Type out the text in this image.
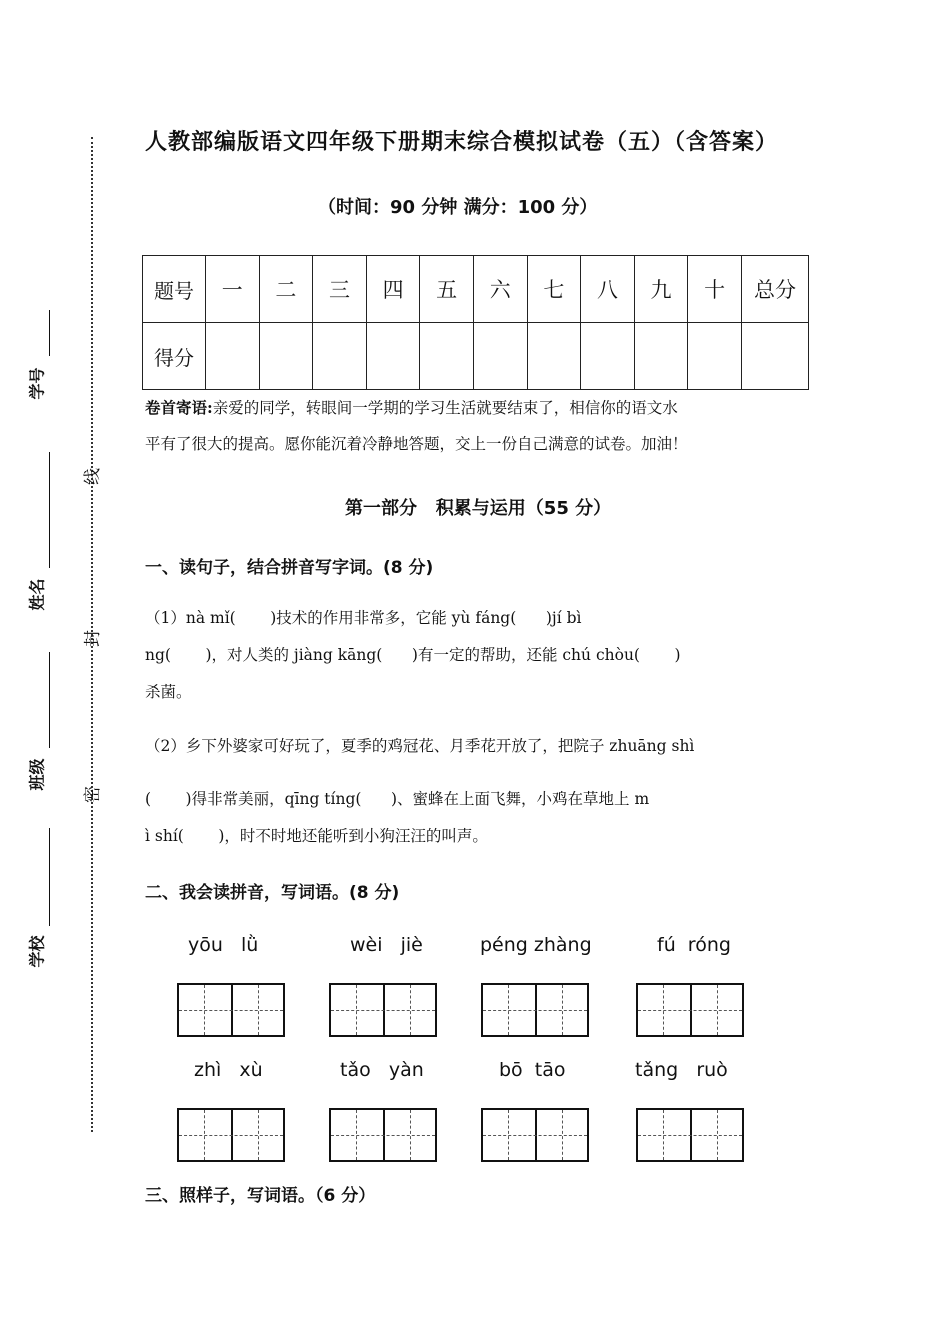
学号
姓名
班级
学校
线
封
密
人教部编版语文四年级下册期末综合模拟试卷（五）（含答案）
（时间：90 分钟 满分：100 分）
题号	一	二	三	四	五	六	七	八	九	十	总分
得分											
卷首寄语:亲爱的同学，转眼间一学期的学习生活就要结束了，相信你的语文水
平有了很大的提高。愿你能沉着冷静地答题，交上一份自己满意的试卷。加油！
第一部分   积累与运用（55 分）
一、读句子，结合拼音写字词。(8 分)
（1）nà mǐ(       )技术的作用非常多，它能 yù fáng(      )jí bì
ng(       )，对人类的 jiàng kāng(      )有一定的帮助，还能 chú chòu(       )
杀菌。
（2）乡下外婆家可好玩了，夏季的鸡冠花、月季花开放了，把院子 zhuāng shì
(       )得非常美丽，qīng tíng(      )、蜜蜂在上面飞舞，小鸡在草地上 m
ì shí(       )，时不时地还能听到小狗汪汪的叫声。
二、我会读拼音，写词语。(8 分)
yōu   lǜ	wèi   jiè	péng zhàng	fú  róng
zhì   xù	tǎo   yàn	bō  tāo	tǎng   ruò
三、照样子，写词语。（6 分）
